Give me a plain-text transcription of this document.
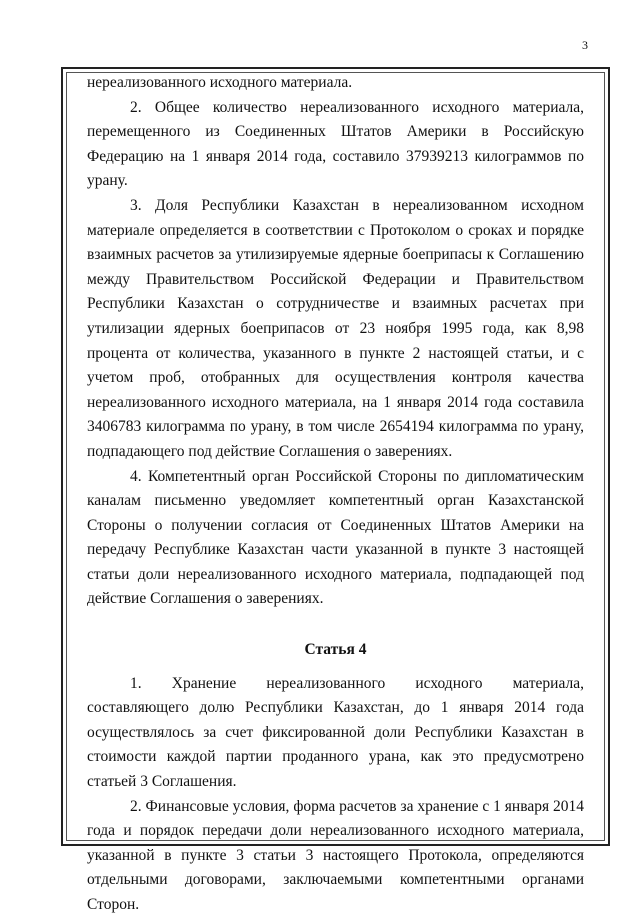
3

нереализованного исходного материала.

2. Общее количество нереализованного исходного материала, перемещенного из Соединенных Штатов Америки в Российскую Федерацию на 1 января 2014 года, составило 37939213 килограммов по урану.

3. Доля Республики Казахстан в нереализованном исходном материале определяется в соответствии с Протоколом о сроках и порядке взаимных расчетов за утилизируемые ядерные боеприпасы к Соглашению между Правительством Российской Федерации и Правительством Республики Казахстан о сотрудничестве и взаимных расчетах при утилизации ядерных боеприпасов от 23 ноября 1995 года, как 8,98 процента от количества, указанного в пункте 2 настоящей статьи, и с учетом проб, отобранных для осуществления контроля качества нереализованного исходного материала, на 1 января 2014 года составила 3406783 килограмма по урану, в том числе 2654194 килограмма по урану, подпадающего под действие Соглашения о заверениях.

4. Компетентный орган Российской Стороны по дипломатическим каналам письменно уведомляет компетентный орган Казахстанской Стороны о получении согласия от Соединенных Штатов Америки на передачу Республике Казахстан части указанной в пункте 3 настоящей статьи доли нереализованного исходного материала, подпадающей под действие Соглашения о заверениях.

Статья 4

1. Хранение нереализованного исходного материала, составляющего долю Республики Казахстан, до 1 января 2014 года осуществлялось за счет фиксированной доли Республики Казахстан в стоимости каждой партии проданного урана, как это предусмотрено статьей 3 Соглашения.

2. Финансовые условия, форма расчетов за хранение с 1 января 2014 года и порядок передачи доли нереализованного исходного материала, указанной в пункте 3 статьи 3 настоящего Протокола, определяются отдельными договорами, заключаемыми компетентными органами Сторон.
